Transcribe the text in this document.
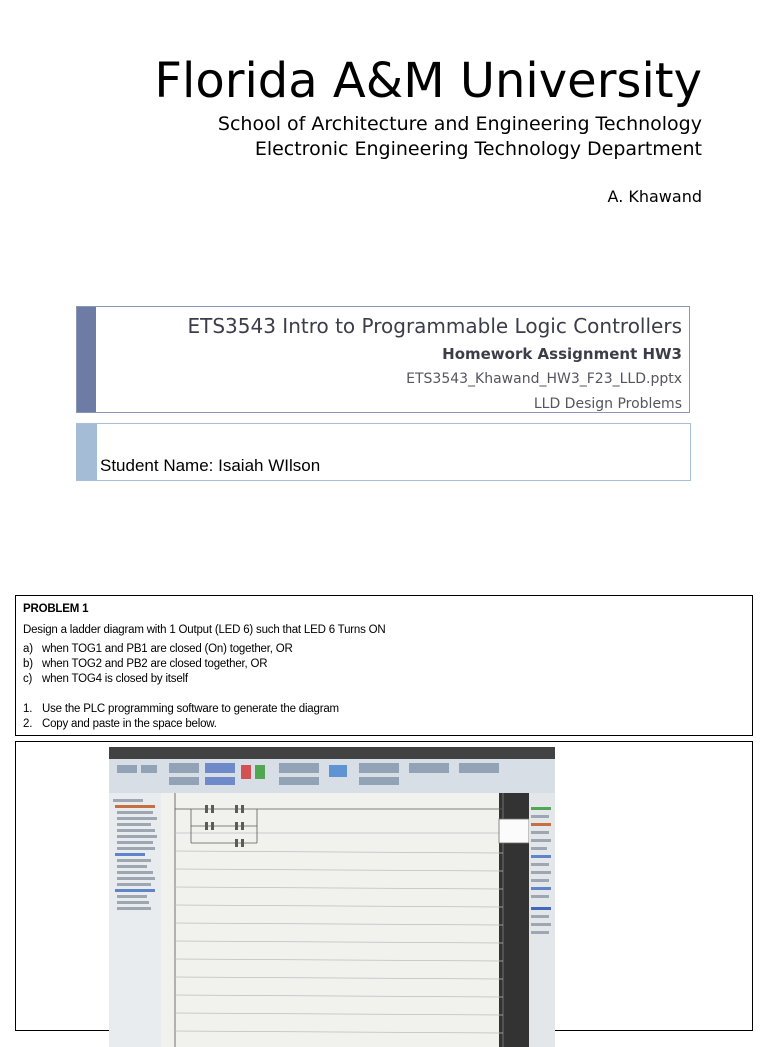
Florida A&M University
School of Architecture and Engineering Technology
Electronic Engineering Technology Department
A. Khawand
ETS3543 Intro to Programmable Logic Controllers
Homework Assignment HW3
ETS3543_Khawand_HW3_F23_LLD.pptx
LLD Design Problems
Student Name: Isaiah WIlson
PROBLEM 1
Design a ladder diagram with 1 Output (LED 6) such that LED 6 Turns ON
a) when TOG1 and PB1 are closed (On) together, OR
b) when TOG2 and PB2 are closed together, OR
c) when TOG4 is closed by itself
1. Use the PLC programming software to generate the diagram
2. Copy and paste in the space below.
